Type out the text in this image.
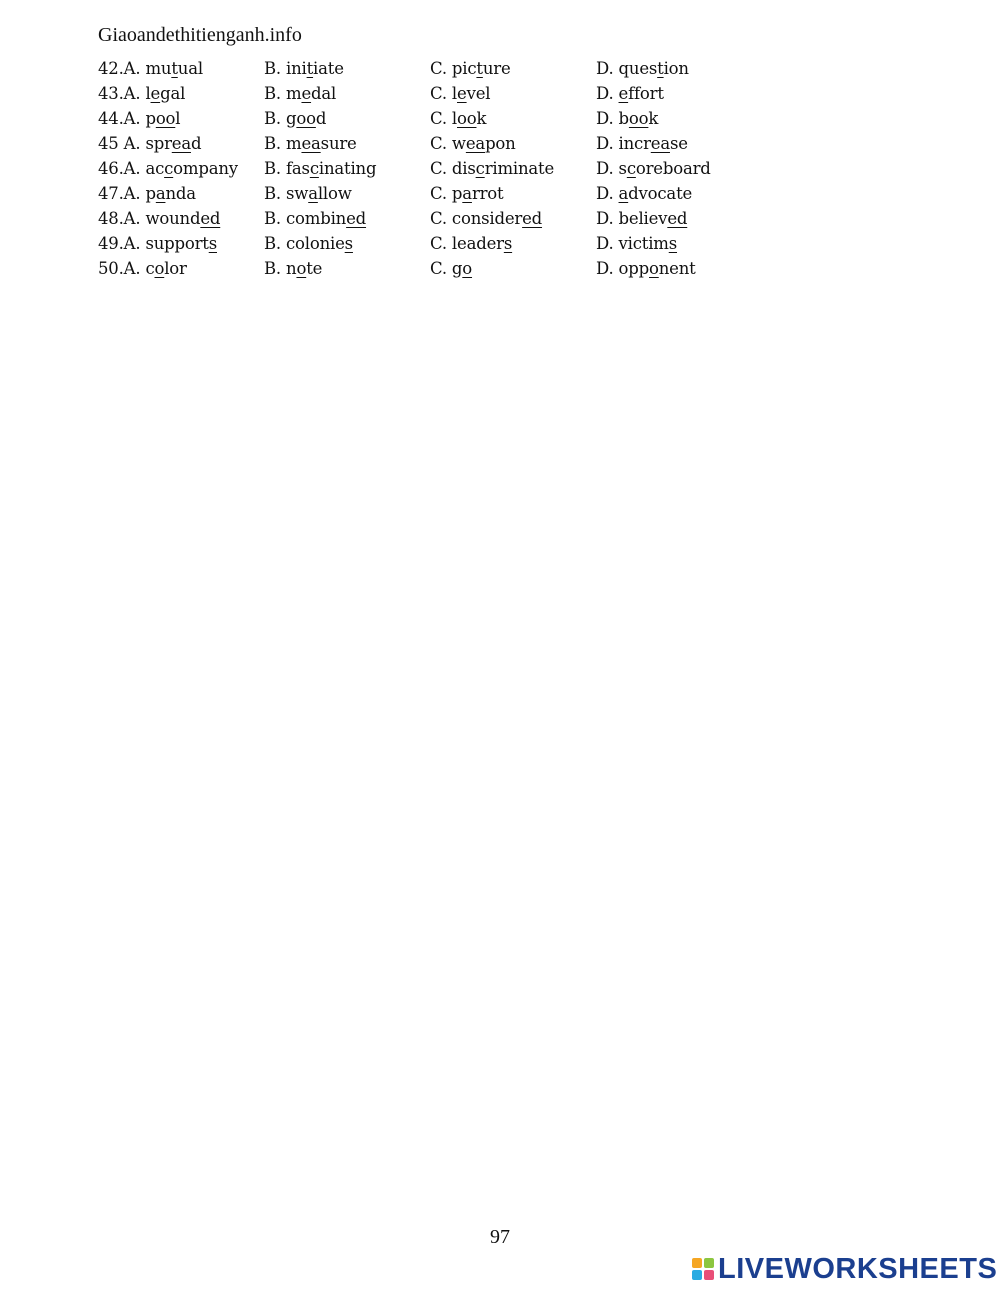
Giaoandethitienganh.info
42.A. mutual	B. initiate	C. picture	D. question
43.A. legal	B. medal	C. level	D. effort
44.A. pool	B. good	C. look	D. book
45 A. spread	B. measure	C. weapon	D. increase
46.A. accompany	B. fascinating	C. discriminate	D. scoreboard
47.A. panda	B. swallow	C. parrot	D. advocate
48.A. wounded	B. combined	C. considered	D. believed
49.A. supports	B. colonies	C. leaders	D. victims
50.A. color	B. note	C. go	D. opponent
97
LIVEWORKSHEETS
